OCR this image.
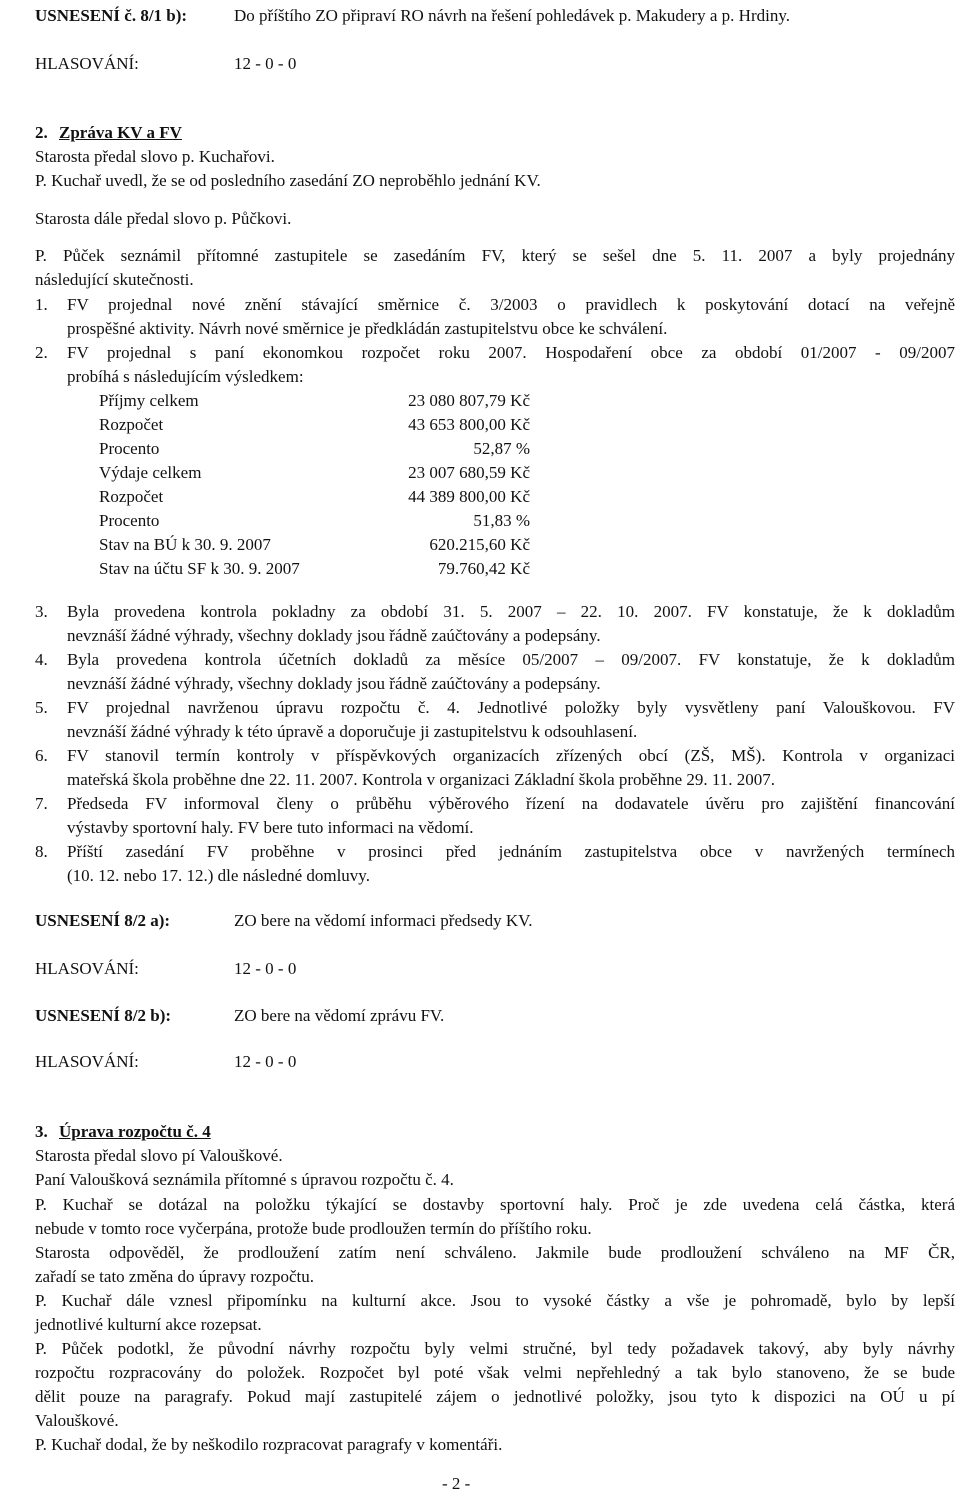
USNESENÍ č. 8/1 b):	Do příštího ZO připraví RO návrh na řešení pohledávek p. Makudery a p. Hrdiny.
HLASOVÁNÍ:	12 - 0 - 0
2. Zpráva KV a FV
Starosta předal slovo p. Kuchařovi.
P. Kuchař uvedl, že se od posledního zasedání ZO neproběhlo jednání KV.
Starosta dále předal slovo p. Půčkovi.
P. Půček seznámil přítomné zastupitele se zasedáním FV, který se sešel dne 5. 11. 2007 a byly projednány
následující skutečnosti.
1. FV projednal nové znění stávající směrnice č. 3/2003 o pravidlech k poskytování dotací na veřejně
prospěšné aktivity. Návrh nové směrnice je předkládán zastupitelstvu obce ke schválení.
2. FV projednal s paní ekonomkou rozpočet roku 2007. Hospodaření obce za období 01/2007 - 09/2007
probíhá s následujícím výsledkem:
Příjmy celkem	23 080 807,79 Kč
Rozpočet	43 653 800,00 Kč
Procento	52,87 %
Výdaje celkem	23 007 680,59 Kč
Rozpočet	44 389 800,00 Kč
Procento	51,83 %
Stav na BÚ k 30. 9. 2007	620.215,60 Kč
Stav na účtu SF k 30. 9. 2007	79.760,42 Kč
3. Byla provedena kontrola pokladny za období 31. 5. 2007 – 22. 10. 2007. FV konstatuje, že k dokladům
nevznáší žádné výhrady, všechny doklady jsou řádně zaúčtovány a podepsány.
4. Byla provedena kontrola účetních dokladů za měsíce 05/2007 – 09/2007. FV konstatuje, že k dokladům
nevznáší žádné výhrady, všechny doklady jsou řádně zaúčtovány a podepsány.
5. FV projednal navrženou úpravu rozpočtu č. 4. Jednotlivé položky byly vysvětleny paní Valouškovou. FV
nevznáší žádné výhrady k této úpravě a doporučuje ji zastupitelstvu k odsouhlasení.
6. FV stanovil termín kontroly v příspěvkových organizacích zřízených obcí (ZŠ, MŠ). Kontrola v organizaci
mateřská škola proběhne dne 22. 11. 2007. Kontrola v organizaci Základní škola proběhne 29. 11. 2007.
7. Předseda FV informoval členy o průběhu výběrového řízení na dodavatele úvěru pro zajištění financování
výstavby sportovní haly. FV bere tuto informaci na vědomí.
8. Příští zasedání FV proběhne v prosinci před jednáním zastupitelstva obce v navržených termínech
(10. 12. nebo 17. 12.) dle následné domluvy.
USNESENÍ 8/2 a):	ZO bere na vědomí informaci předsedy KV.
HLASOVÁNÍ:	12 - 0 - 0
USNESENÍ 8/2 b):	ZO bere na vědomí zprávu FV.
HLASOVÁNÍ:	12 - 0 - 0
3. Úprava rozpočtu č. 4
Starosta předal slovo pí Valouškové.
Paní Valoušková seznámila přítomné s úpravou rozpočtu č. 4.
P. Kuchař se dotázal na položku týkající se dostavby sportovní haly. Proč je zde uvedena celá částka, která
nebude v tomto roce vyčerpána, protože bude prodloužen termín do příštího roku.
Starosta odpověděl, že prodloužení zatím není schváleno. Jakmile bude prodloužení schváleno na MF ČR,
zařadí se tato změna do úpravy rozpočtu.
P. Kuchař dále vznesl připomínku na kulturní akce. Jsou to vysoké částky a vše je pohromadě, bylo by lepší
jednotlivé kulturní akce rozepsat.
P. Půček podotkl, že původní návrhy rozpočtu byly velmi stručné, byl tedy požadavek takový, aby byly návrhy
rozpočtu rozpracovány do položek. Rozpočet byl poté však velmi nepřehledný a tak bylo stanoveno, že se bude
dělit pouze na paragrafy. Pokud mají zastupitelé zájem o jednotlivé položky, jsou tyto k dispozici na OÚ u pí
Valouškové.
P. Kuchař dodal, že by neškodilo rozpracovat paragrafy v komentáři.
- 2 -
